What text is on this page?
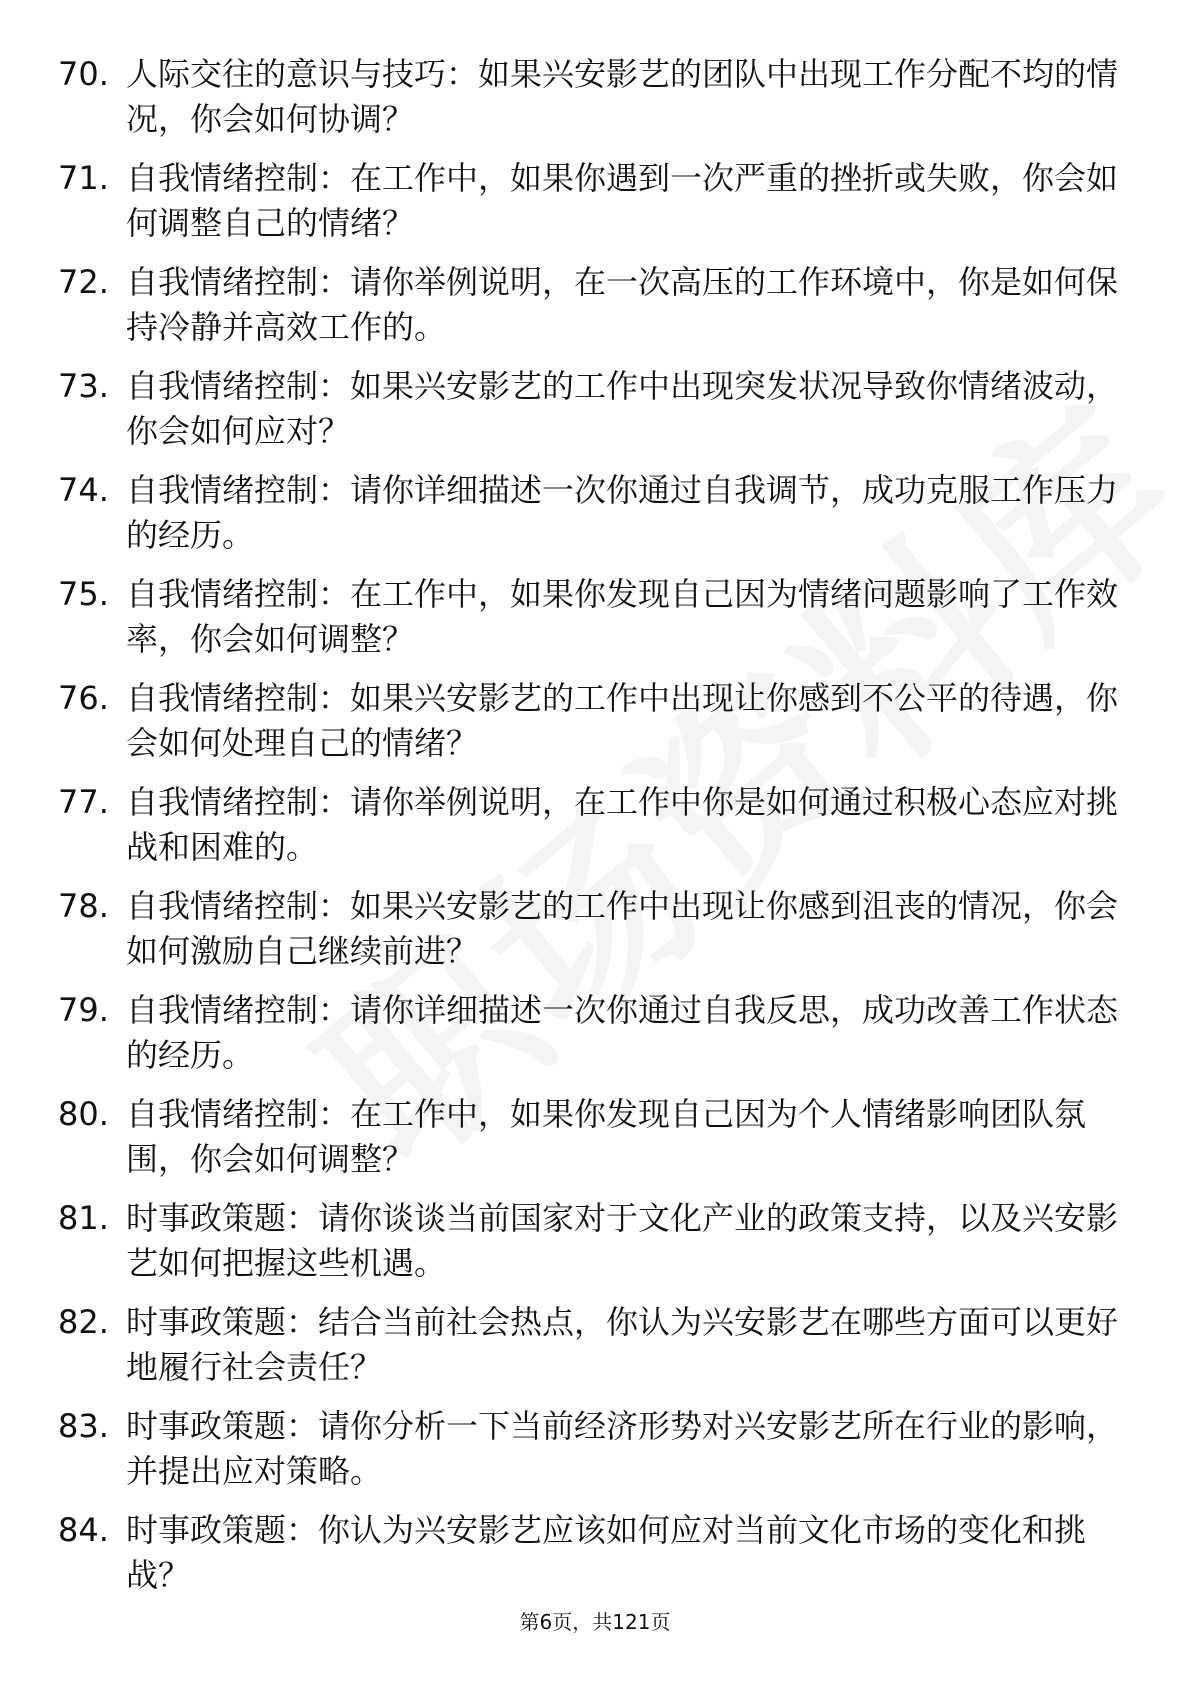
70. 人际交往的意识与技巧：如果兴安影艺的团队中出现工作分配不均的情况，你会如何协调？
71. 自我情绪控制：在工作中，如果你遇到一次严重的挫折或失败，你会如何调整自己的情绪？
72. 自我情绪控制：请你举例说明，在一次高压的工作环境中，你是如何保持冷静并高效工作的。
73. 自我情绪控制：如果兴安影艺的工作中出现突发状况导致你情绪波动，你会如何应对？
74. 自我情绪控制：请你详细描述一次你通过自我调节，成功克服工作压力的经历。
75. 自我情绪控制：在工作中，如果你发现自己因为情绪问题影响了工作效率，你会如何调整？
76. 自我情绪控制：如果兴安影艺的工作中出现让你感到不公平的待遇，你会如何处理自己的情绪？
77. 自我情绪控制：请你举例说明，在工作中你是如何通过积极心态应对挑战和困难的。
78. 自我情绪控制：如果兴安影艺的工作中出现让你感到沮丧的情况，你会如何激励自己继续前进？
79. 自我情绪控制：请你详细描述一次你通过自我反思，成功改善工作状态的经历。
80. 自我情绪控制：在工作中，如果你发现自己因为个人情绪影响团队氛围，你会如何调整？
81. 时事政策题：请你谈谈当前国家对于文化产业的政策支持，以及兴安影艺如何把握这些机遇。
82. 时事政策题：结合当前社会热点，你认为兴安影艺在哪些方面可以更好地履行社会责任？
83. 时事政策题：请你分析一下当前经济形势对兴安影艺所在行业的影响，并提出应对策略。
84. 时事政策题：你认为兴安影艺应该如何应对当前文化市场的变化和挑战？
第6页，共121页
